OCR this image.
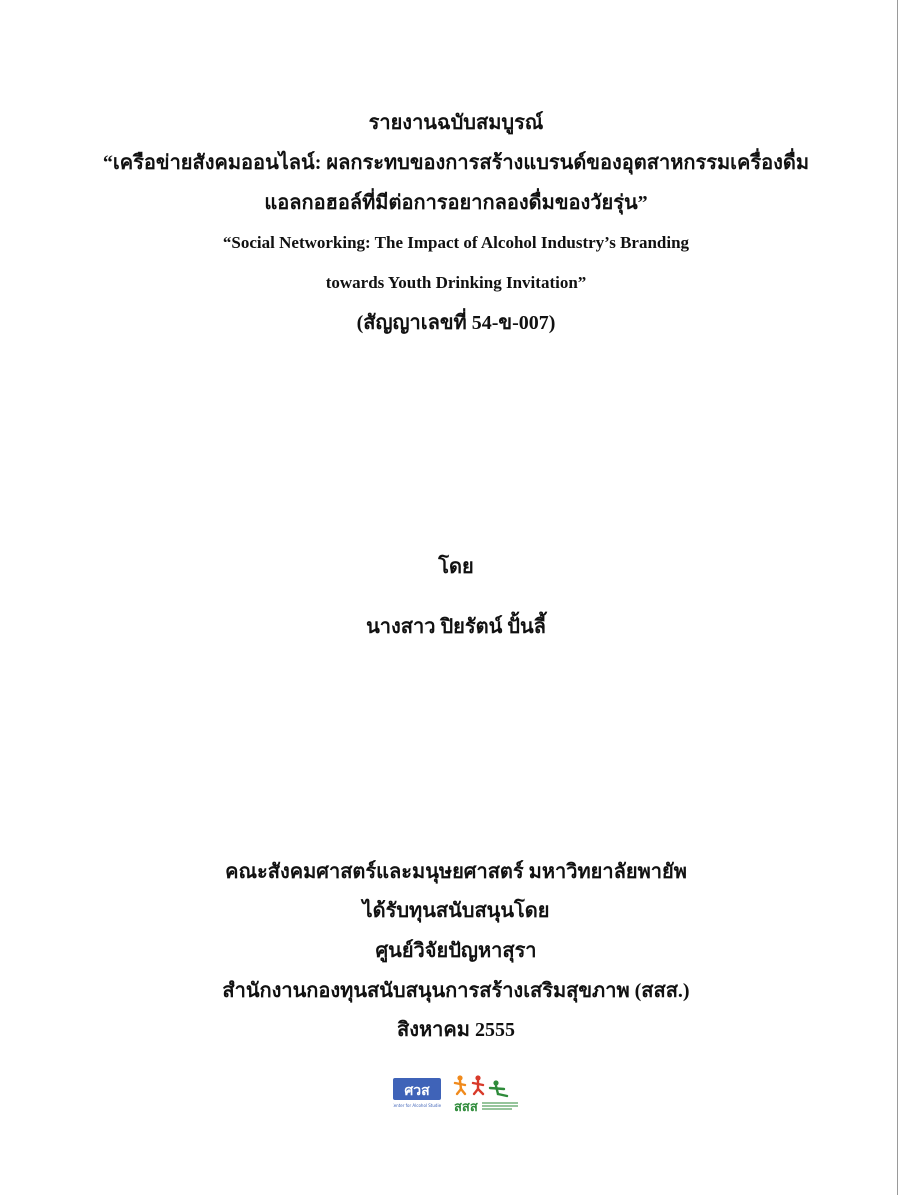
รายงานฉบับสมบูรณ์
“เครือข่ายสังคมออนไลน์: ผลกระทบของการสร้างแบรนด์ของอุตสาหกรรมเครื่องดื่ม
แอลกอฮอล์ที่มีต่อการอยากลองดื่มของวัยรุ่น”
“Social Networking: The Impact of Alcohol Industry’s Branding
towards Youth Drinking Invitation”
(สัญญาเลขที่ 54-ข-007)
โดย
นางสาว ปิยรัตน์ ปั้นลี้
คณะสังคมศาสตร์และมนุษยศาสตร์ มหาวิทยาลัยพายัพ
ได้รับทุนสนับสนุนโดย
ศูนย์วิจัยปัญหาสุรา
สำนักงานกองทุนสนับสนุนการสร้างเสริมสุขภาพ (สสส.)
สิงหาคม 2555
ศวส
Center for Alcohol Studies สสส
